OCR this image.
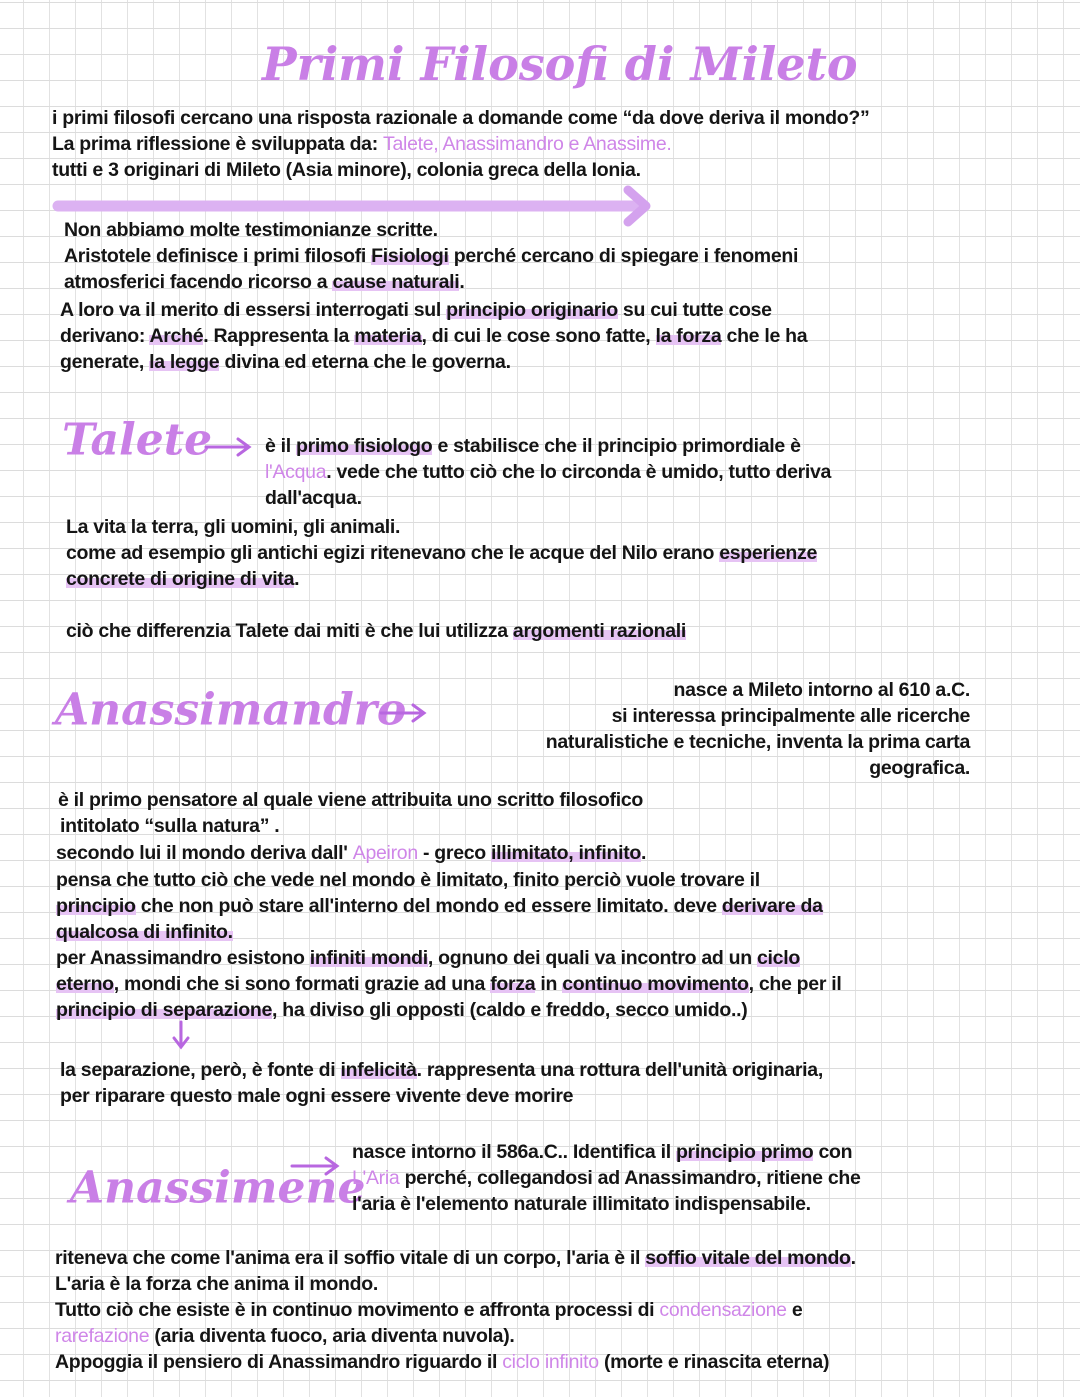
Primi Filosofi di Mileto
Talete
Anassimandro
Anassimene
i primi filosofi cercano una risposta razionale a domande come “da dove deriva il mondo?”
La prima riflessione è sviluppata da: Talete, Anassimandro e Anassime.
tutti e 3 originari di Mileto (Asia minore), colonia greca della Ionia.
Non abbiamo molte testimonianze scritte.
Aristotele definisce i primi filosofi Fisiologi perché cercano di spiegare i fenomeni
atmosferici facendo ricorso a cause naturali.
A loro va il merito di essersi interrogati sul principio originario su cui tutte cose
derivano: Arché. Rappresenta la materia, di cui le cose sono fatte, la forza che le ha
generate, la legge divina ed eterna che le governa.
è il primo fisiologo e stabilisce che il principio primordiale è
l'Acqua. vede che tutto ciò che lo circonda è umido, tutto deriva
dall'acqua.
La vita la terra, gli uomini, gli animali.
come ad esempio gli antichi egizi ritenevano che le acque del Nilo erano esperienze
concrete di origine di vita.
ciò che differenzia Talete dai miti è che lui utilizza argomenti razionali
nasce a Mileto intorno al 610 a.C.
si interessa principalmente alle ricerche
naturalistiche e tecniche, inventa la prima carta
geografica.
è il primo pensatore al quale viene attribuita uno scritto filosofico
intitolato “sulla natura” .
secondo lui il mondo deriva dall' Apeiron - greco illimitato, infinito.
pensa che tutto ciò che vede nel mondo è limitato, finito perciò vuole trovare il
principio che non può stare all'interno del mondo ed essere limitato. deve derivare da
qualcosa di infinito.
per Anassimandro esistono infiniti mondi, ognuno dei quali va incontro ad un ciclo
eterno, mondi che si sono formati grazie ad una forza in continuo movimento, che per il
principio di separazione, ha diviso gli opposti (caldo e freddo, secco umido..)
la separazione, però, è fonte di infelicità. rappresenta una rottura dell'unità originaria,
per riparare questo male ogni essere vivente deve morire
nasce intorno il 586a.C.. Identifica il principio primo con
L'Aria perché, collegandosi ad Anassimandro, ritiene che
l'aria è l'elemento naturale illimitato indispensabile.
riteneva che come l'anima era il soffio vitale di un corpo, l'aria è il soffio vitale del mondo.
L'aria è la forza che anima il mondo.
Tutto ciò che esiste è in continuo movimento e affronta processi di condensazione e
rarefazione (aria diventa fuoco, aria diventa nuvola).
Appoggia il pensiero di Anassimandro riguardo il ciclo infinito (morte e rinascita eterna)
